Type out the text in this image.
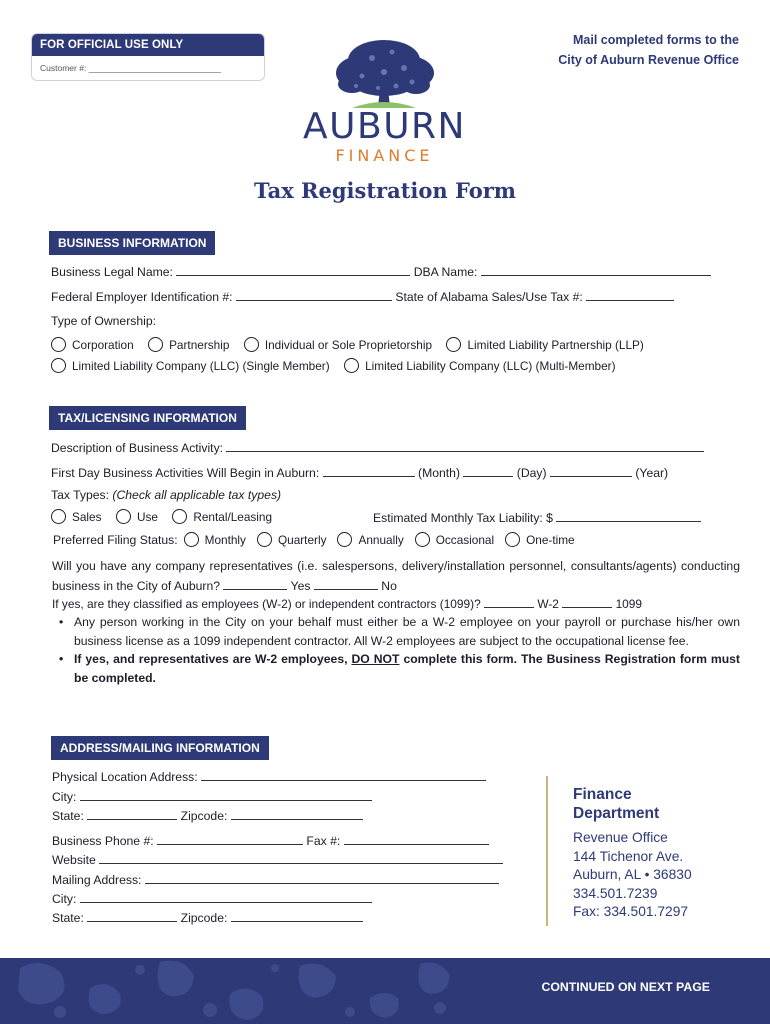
FOR OFFICIAL USE ONLY
Customer #: ____________________________
Mail completed forms to the
City of Auburn Revenue Office
AUBURN
FINANCE
Tax Registration Form
BUSINESS INFORMATION
Business Legal Name:	DBA Name:
Federal Employer Identification #:	State of Alabama Sales/Use Tax #:
Type of Ownership:
Corporation
	Partnership
	Individual or Sole Proprietorship
	Limited Liability Partnership (LLP)
Limited Liability Company (LLC) (Single Member)
	Limited Liability Company (LLC) (Multi-Member)
TAX/LICENSING INFORMATION
Description of Business Activity:
First Day Business Activities Will Begin in Auburn:	(Month)	(Day)	(Year)
Tax Types: (Check all applicable tax types)
Sales
	Use
	Rental/Leasing	Estimated Monthly Tax Liability: $
Preferred Filing Status: Monthly	Quarterly	Annually	Occasional	One-time
Will you have any company representatives (i.e. salespersons, delivery/installation personnel, consultants/agents) conducting business in the City of Auburn?	Yes	No
If yes, are they classified as employees (W-2) or independent contractors (1099)?	W-2	1099
• Any person working in the City on your behalf must either be a W-2 employee on your payroll or purchase his/her own business license as a 1099 independent contractor. All W-2 employees are subject to the occupational license fee.
• If yes, and representatives are W-2 employees, DO NOT complete this form. The Business Registration form must be completed.
ADDRESS/MAILING INFORMATION
Physical Location Address:
City:
State:	Zipcode:
Business Phone #:	Fax #:
Website
Mailing Address:
City:
State:	Zipcode:
Finance
Department
Revenue Office
144 Tichenor Ave.
Auburn, AL • 36830
334.501.7239
Fax: 334.501.7297
CONTINUED ON NEXT PAGE
